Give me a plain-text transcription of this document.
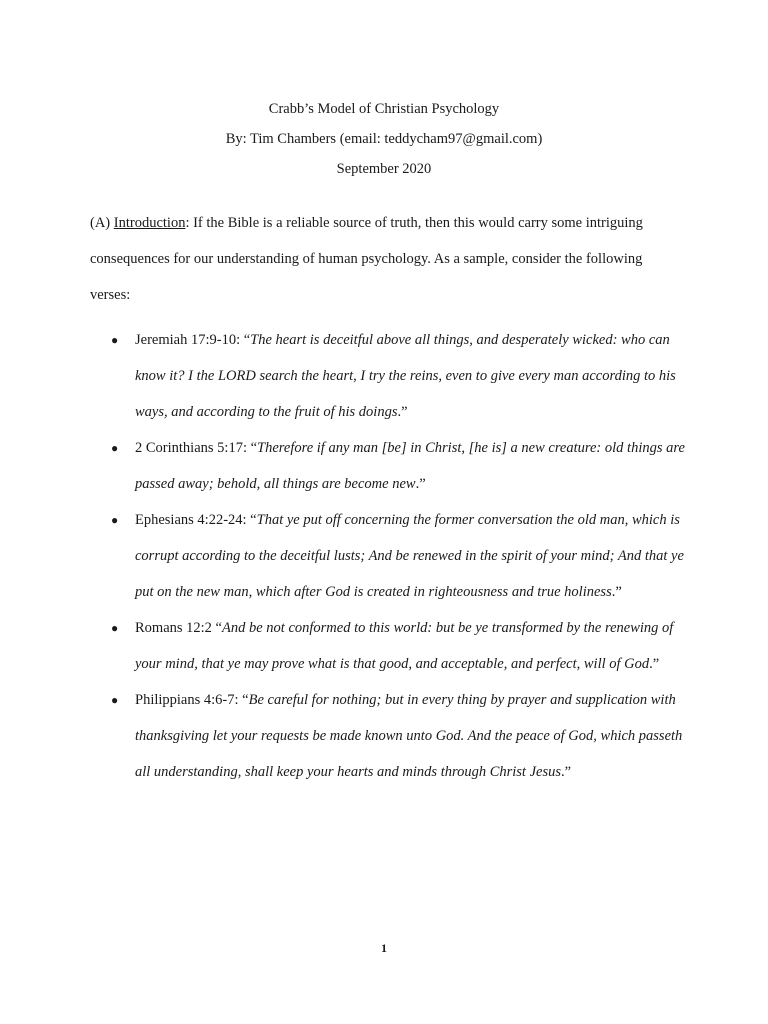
Crabb’s Model of Christian Psychology
By: Tim Chambers (email: teddycham97@gmail.com)
September 2020

(A) Introduction: If the Bible is a reliable source of truth, then this would carry some intriguing consequences for our understanding of human psychology. As a sample, consider the following verses:

● Jeremiah 17:9-10: “The heart is deceitful above all things, and desperately wicked: who can know it? I the LORD search the heart, I try the reins, even to give every man according to his ways, and according to the fruit of his doings.”
● 2 Corinthians 5:17: “Therefore if any man [be] in Christ, [he is] a new creature: old things are passed away; behold, all things are become new.”
● Ephesians 4:22-24: “That ye put off concerning the former conversation the old man, which is corrupt according to the deceitful lusts; And be renewed in the spirit of your mind; And that ye put on the new man, which after God is created in righteousness and true holiness.”
● Romans 12:2 “And be not conformed to this world: but be ye transformed by the renewing of your mind, that ye may prove what is that good, and acceptable, and perfect, will of God.”
● Philippians 4:6-7: “Be careful for nothing; but in every thing by prayer and supplication with thanksgiving let your requests be made known unto God. And the peace of God, which passeth all understanding, shall keep your hearts and minds through Christ Jesus.”
1
